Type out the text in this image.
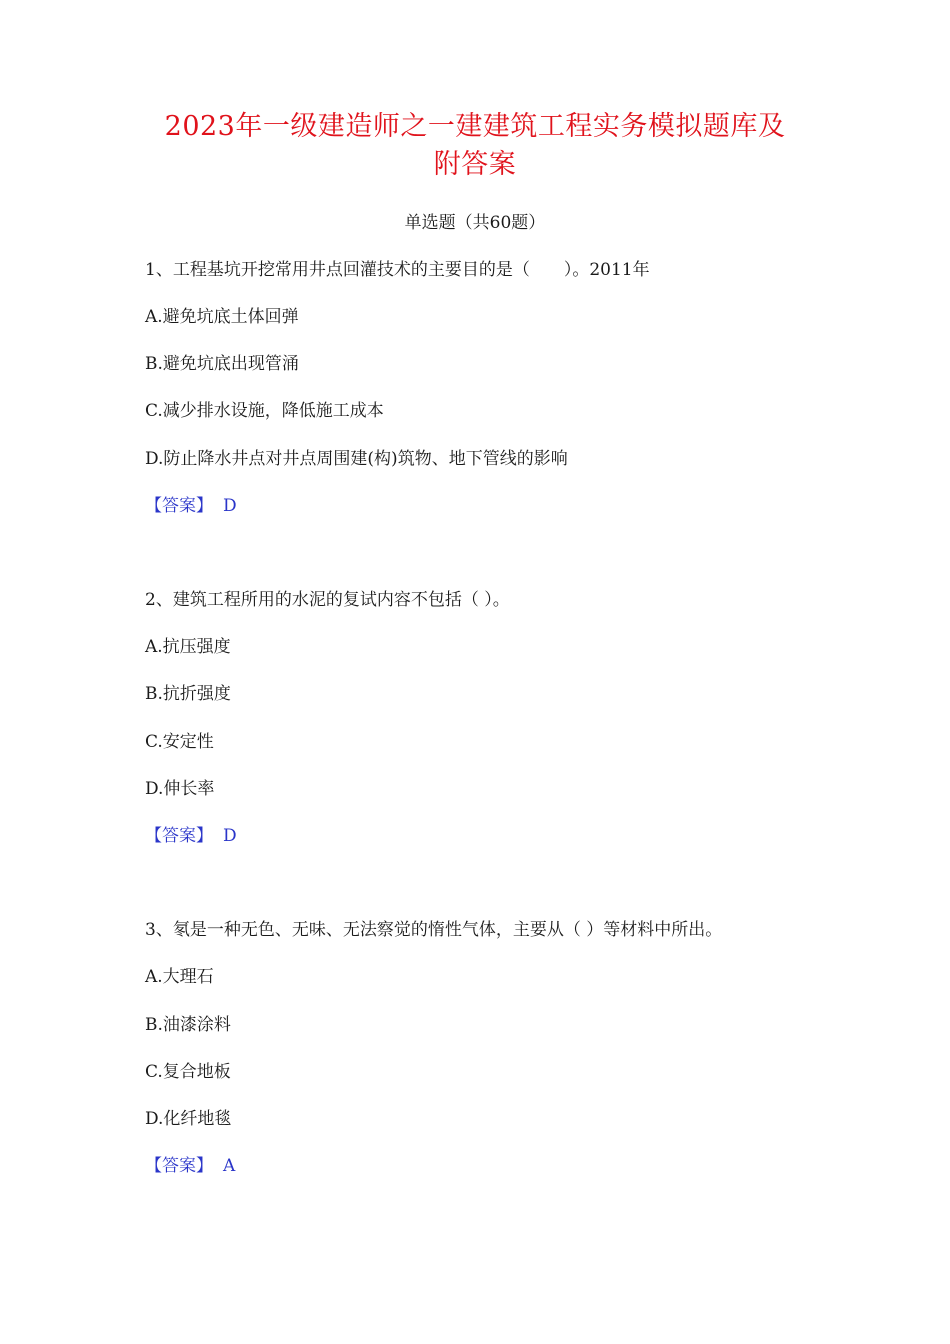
2023年一级建造师之一建建筑工程实务模拟题库及
附答案
单选题（共60题）
1、工程基坑开挖常用井点回灌技术的主要目的是（　　）。2011年
A.避免坑底土体回弹
B.避免坑底出现管涌
C.减少排水设施，降低施工成本
D.防止降水井点对井点周围建(构)筑物、地下管线的影响
【答案】 D
2、建筑工程所用的水泥的复试内容不包括（ ）。
A.抗压强度
B.抗折强度
C.安定性
D.伸长率
【答案】 D
3、氡是一种无色、无味、无法察觉的惰性气体，主要从（ ）等材料中所出。
A.大理石
B.油漆涂料
C.复合地板
D.化纤地毯
【答案】 A
